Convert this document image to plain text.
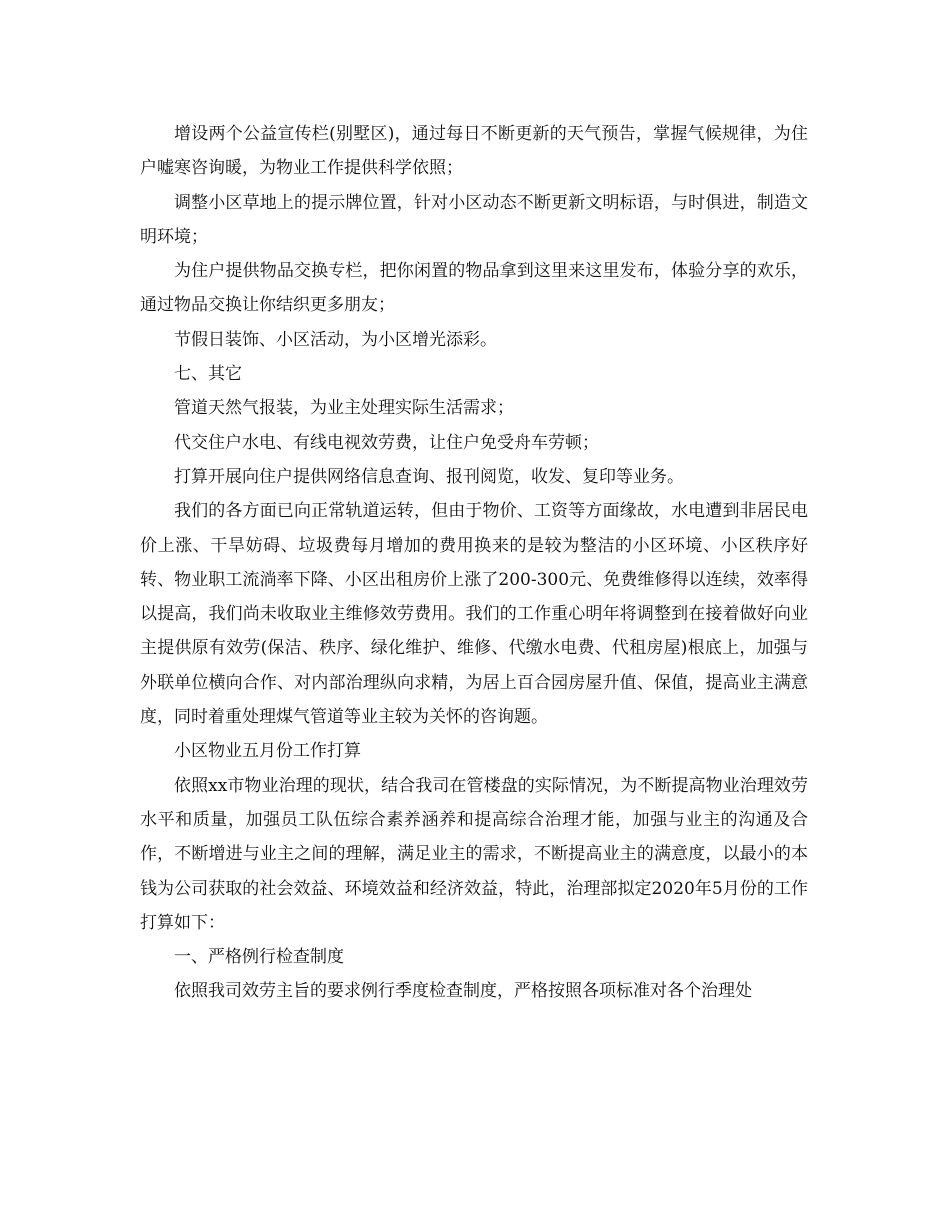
增设两个公益宣传栏(别墅区)，通过每日不断更新的天气预告，掌握气候规律，为住户嘘寒咨询暖，为物业工作提供科学依照；

调整小区草地上的提示牌位置，针对小区动态不断更新文明标语，与时俱进，制造文明环境；

为住户提供物品交换专栏，把你闲置的物品拿到这里来这里发布，体验分享的欢乐，通过物品交换让你结织更多朋友；

节假日装饰、小区活动，为小区增光添彩。

七、其它

管道天然气报装，为业主处理实际生活需求；

代交住户水电、有线电视效劳费，让住户免受舟车劳顿；

打算开展向住户提供网络信息查询、报刊阅览，收发、复印等业务。

我们的各方面已向正常轨道运转，但由于物价、工资等方面缘故，水电遭到非居民电价上涨、干旱妨碍、垃圾费每月增加的费用换来的是较为整洁的小区环境、小区秩序好转、物业职工流淌率下降、小区出租房价上涨了200-300元、免费维修得以连续，效率得以提高，我们尚未收取业主维修效劳费用。我们的工作重心明年将调整到在接着做好向业主提供原有效劳(保洁、秩序、绿化维护、维修、代缴水电费、代租房屋)根底上，加强与外联单位横向合作、对内部治理纵向求精，为居上百合园房屋升值、保值，提高业主满意度，同时着重处理煤气管道等业主较为关怀的咨询题。

小区物业五月份工作打算

依照xx市物业治理的现状，结合我司在管楼盘的实际情况，为不断提高物业治理效劳水平和质量，加强员工队伍综合素养涵养和提高综合治理才能，加强与业主的沟通及合作，不断增进与业主之间的理解，满足业主的需求，不断提高业主的满意度，以最小的本钱为公司获取的社会效益、环境效益和经济效益，特此，治理部拟定2020年5月份的工作打算如下：

一、严格例行检查制度

依照我司效劳主旨的要求例行季度检查制度，严格按照各项标准对各个治理处
